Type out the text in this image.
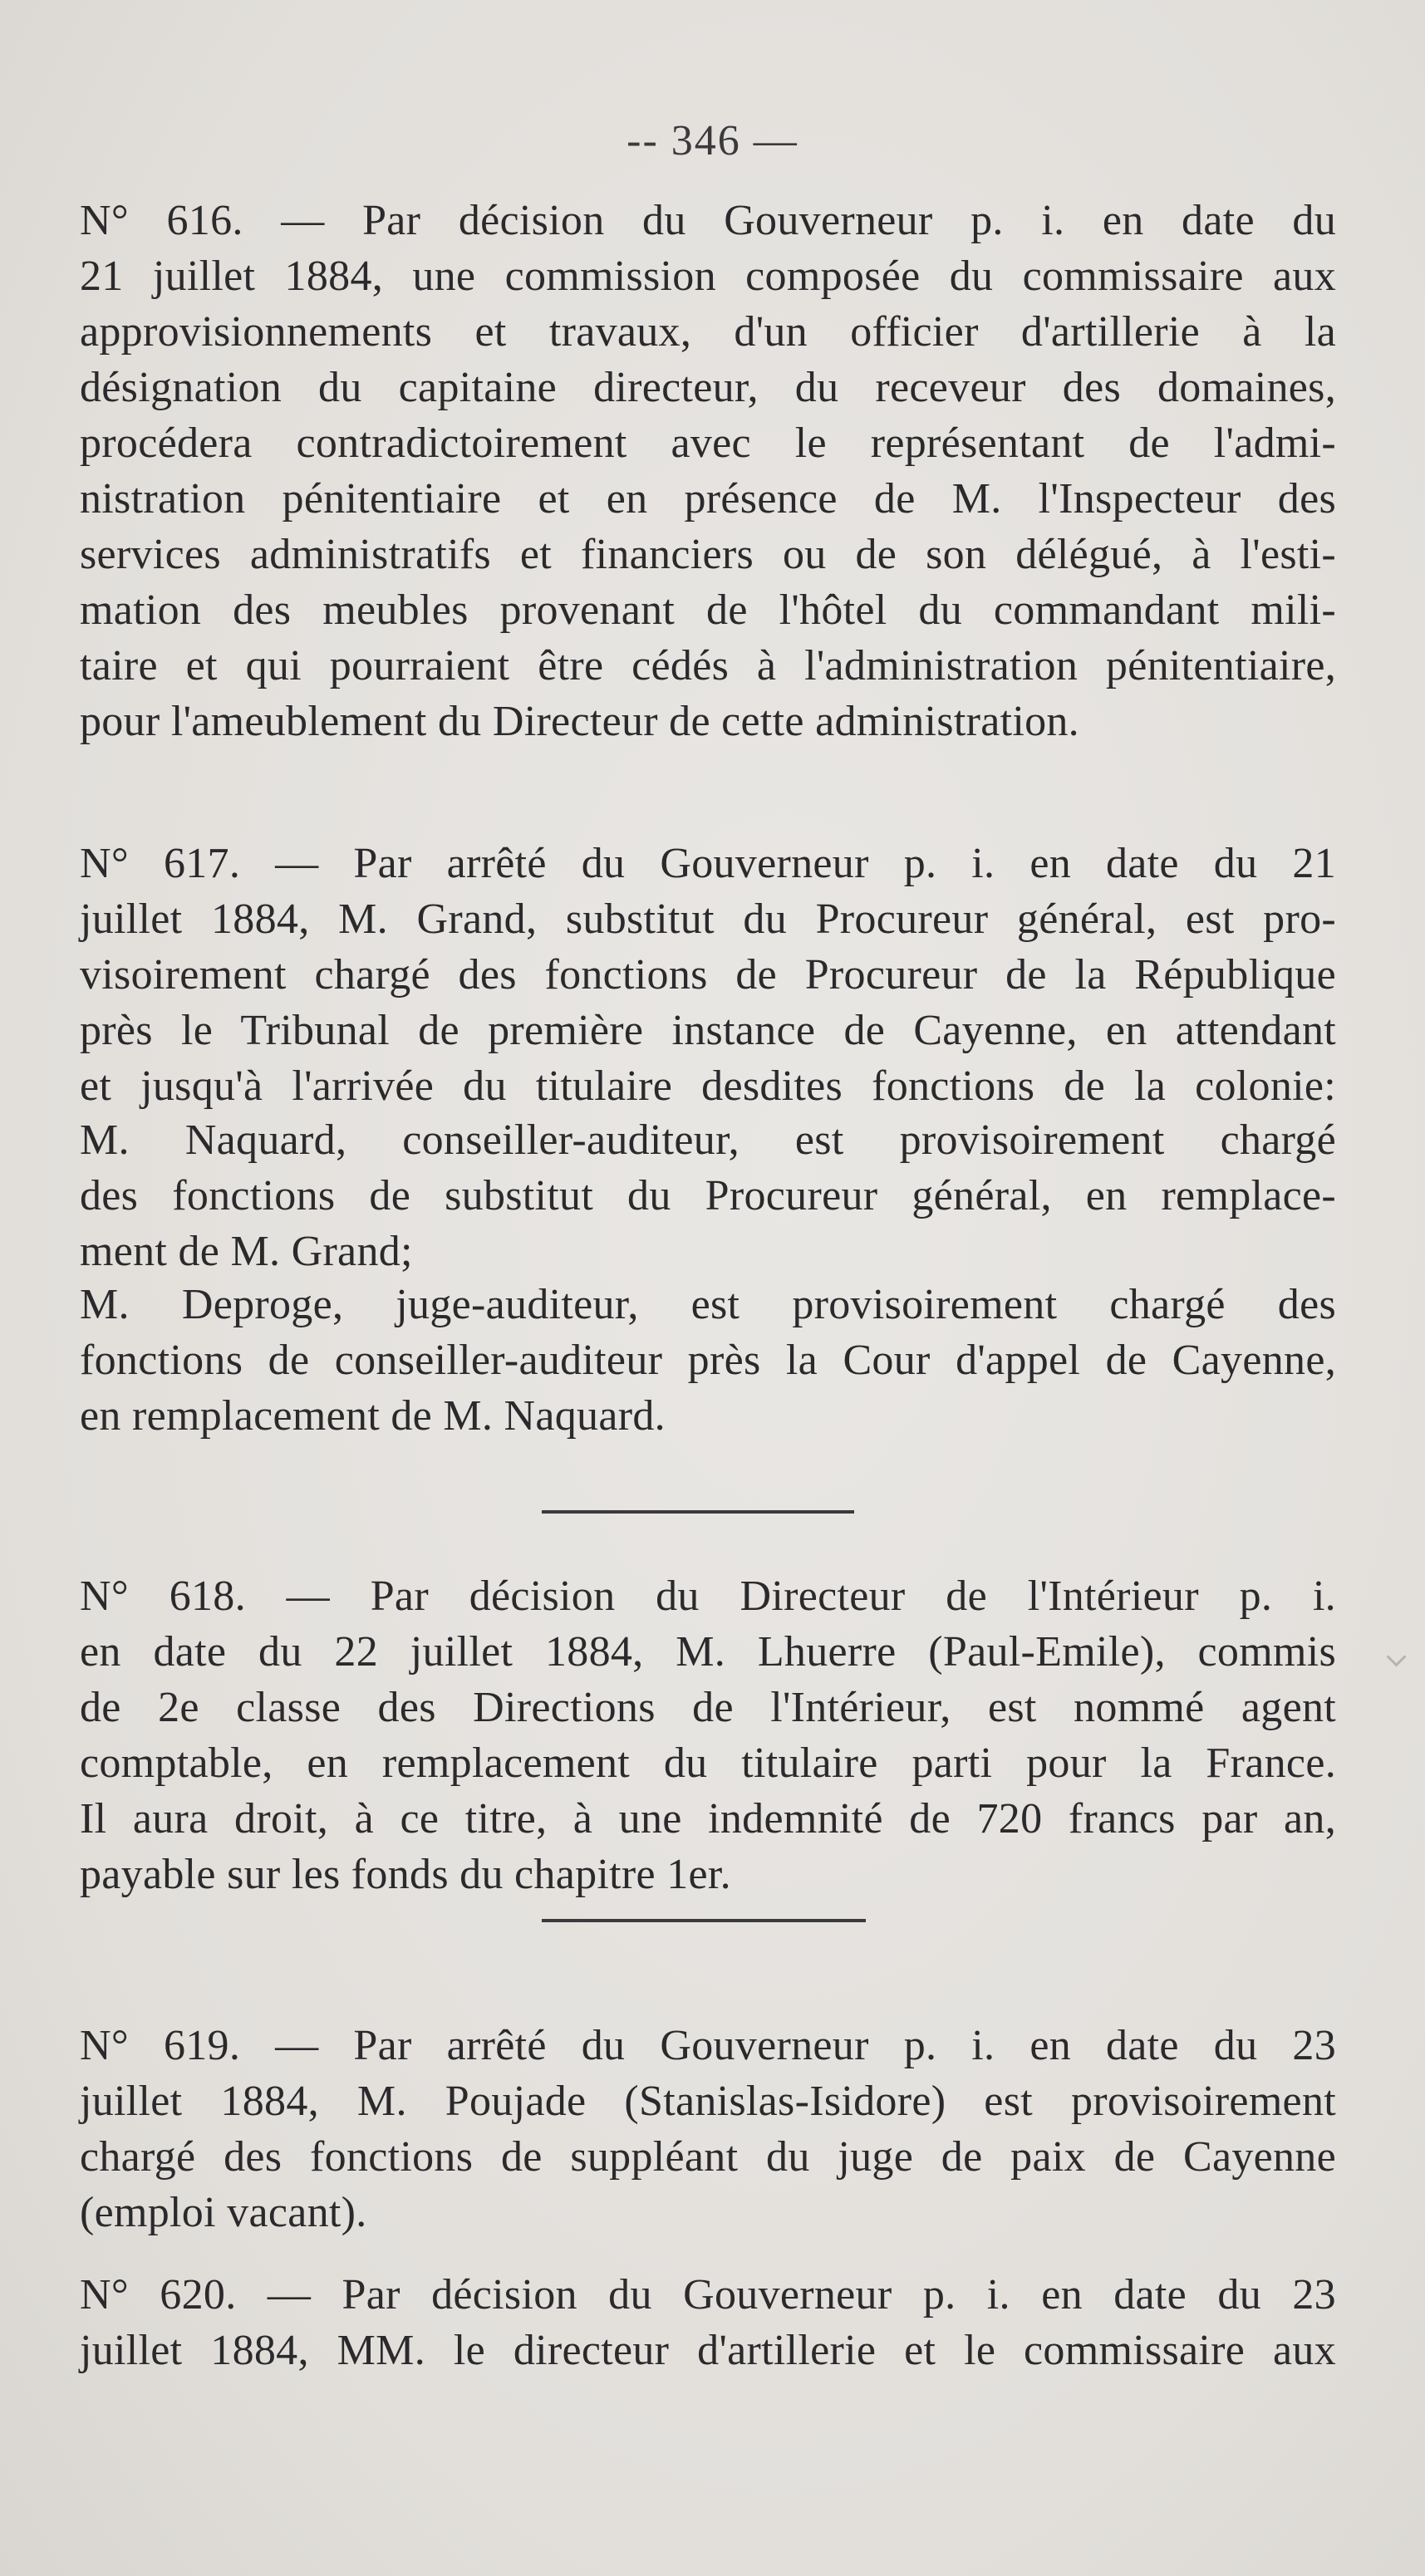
-- 346 —
N° 616. — Par décision du Gouverneur p. i. en date du
21 juillet 1884, une commission composée du commissaire aux
approvisionnements et travaux, d'un officier d'artillerie à la
désignation du capitaine directeur, du receveur des domaines,
procédera contradictoirement avec le représentant de l'admi-
nistration pénitentiaire et en présence de M. l'Inspecteur des
services administratifs et financiers ou de son délégué, à l'esti-
mation des meubles provenant de l'hôtel du commandant mili-
taire et qui pourraient être cédés à l'administration pénitentiaire,
pour l'ameublement du Directeur de cette administration.
N° 617. — Par arrêté du Gouverneur p. i. en date du 21
juillet 1884, M. Grand, substitut du Procureur général, est pro-
visoirement chargé des fonctions de Procureur de la République
près le Tribunal de première instance de Cayenne, en attendant
et jusqu'à l'arrivée du titulaire desdites fonctions de la colonie:
M. Naquard, conseiller-auditeur, est provisoirement chargé
des fonctions de substitut du Procureur général, en remplace-
ment de M. Grand;
M. Deproge, juge-auditeur, est provisoirement chargé des
fonctions de conseiller-auditeur près la Cour d'appel de Cayenne,
en remplacement de M. Naquard.
N° 618. — Par décision du Directeur de l'Intérieur p. i.
en date du 22 juillet 1884, M. Lhuerre (Paul-Emile), commis
de 2e classe des Directions de l'Intérieur, est nommé agent
comptable, en remplacement du titulaire parti pour la France.
Il aura droit, à ce titre, à une indemnité de 720 francs par an,
payable sur les fonds du chapitre 1er.
N° 619. — Par arrêté du Gouverneur p. i. en date du 23
juillet 1884, M. Poujade (Stanislas-Isidore) est provisoirement
chargé des fonctions de suppléant du juge de paix de Cayenne
(emploi vacant).
N° 620. — Par décision du Gouverneur p. i. en date du 23
juillet 1884, MM. le directeur d'artillerie et le commissaire aux
